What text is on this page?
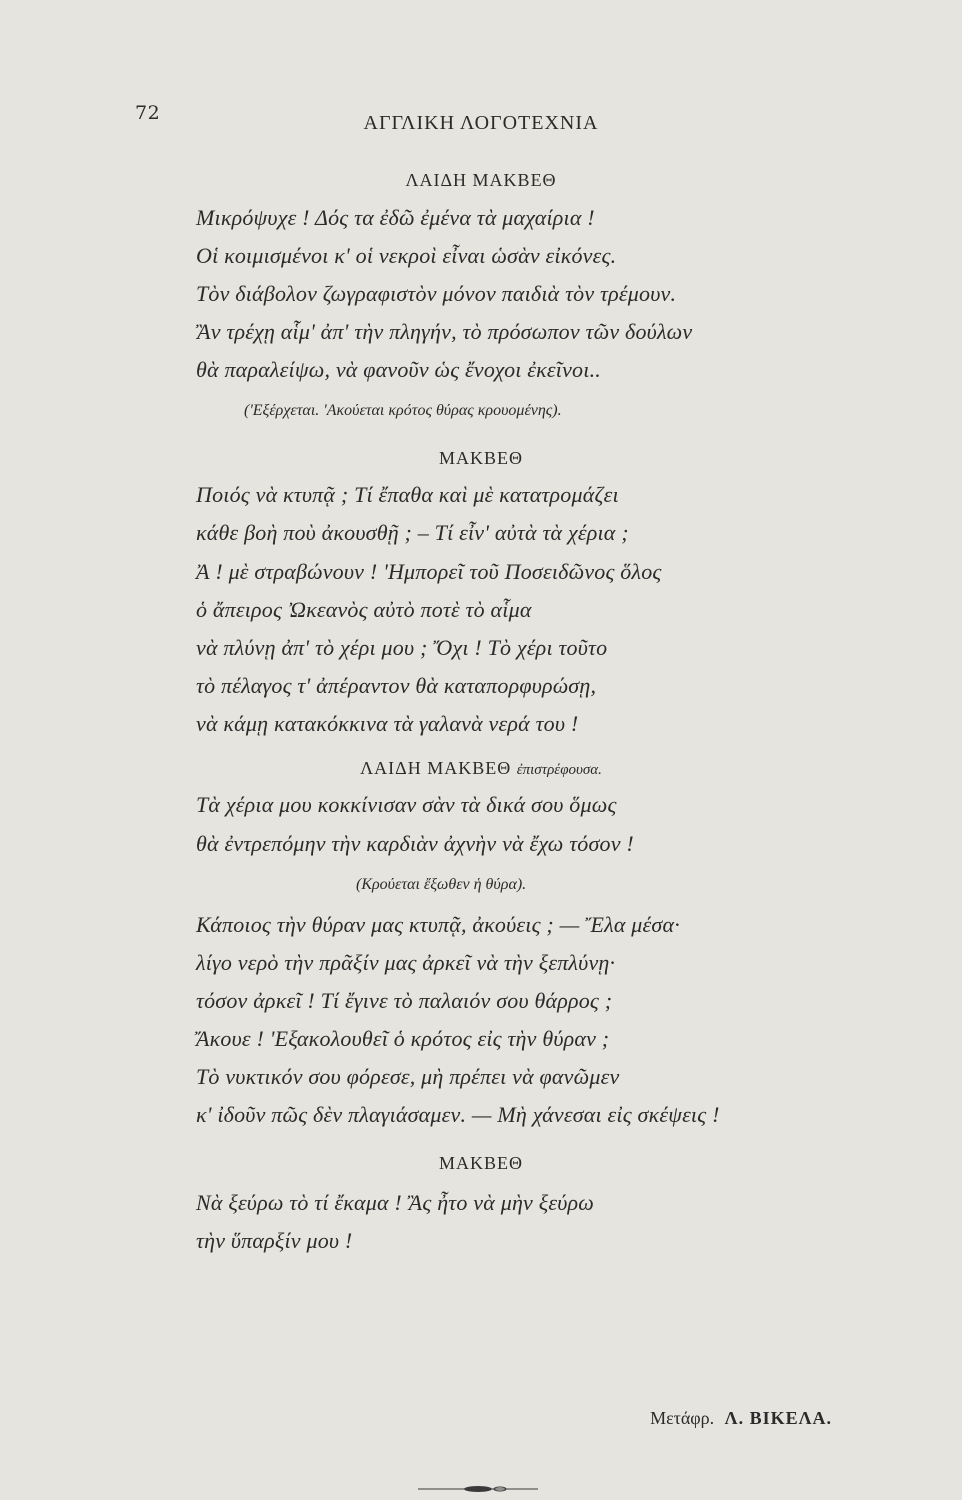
72	ΑΓΓΛΙΚΗ ΛΟΓΟΤΕΧΝΙΑ
ΛΑΙΔΗ ΜΑΚΒΕΘ
Μικρόψυχε ! Δός τα ἐδῶ ἐμένα τὰ μαχαίρια !
Οἱ κοιμισμένοι κ' οἱ νεκροὶ εἶναι ὡσὰν εἰκόνες.
Τὸν διάβολον ζωγραφιστὸν μόνον παιδιὰ τὸν τρέμουν.
Ἂν τρέχῃ αἷμ' ἀπ' τὴν πληγήν, τὸ πρόσωπον τῶν δούλων
θὰ παραλείψω, νὰ φανοῦν ὡς ἔνοχοι ἐκεῖνοι..
('Εξέρχεται. 'Ακούεται κρότος θύρας κρουομένης).
ΜΑΚΒΕΘ
Ποιός νὰ κτυπᾷ ; Τί ἔπαθα καὶ μὲ κατατρομάζει
κάθε βοὴ ποὺ ἀκουσθῇ ; – Τί εἶν' αὐτὰ τὰ χέρια ;
Ἀ ! μὲ στραβώνουν ! 'Ημπορεῖ τοῦ Ποσειδῶνος ὅλος
ὁ ἄπειρος Ὠκεανὸς αὐτὸ ποτὲ τὸ αἷμα
νὰ πλύνῃ ἀπ' τὸ χέρι μου ; Ὄχι ! Τὸ χέρι τοῦτο
τὸ πέλαγος τ' ἀπέραντον θὰ καταπορφυρώσῃ,
νὰ κάμῃ κατακόκκινα τὰ γαλανὰ νερά του !
ΛΑΙΔΗ ΜΑΚΒΕΘ ἐπιστρέφουσα.
Τὰ χέρια μου κοκκίνισαν σὰν τὰ δικά σου ὅμως
θὰ ἐντρεπόμην τὴν καρδιὰν ἀχνὴν νὰ ἔχω τόσον !
(Κρούεται ἔξωθεν ἡ θύρα).
Κάποιος τὴν θύραν μας κτυπᾷ, ἀκούεις ; — Ἔλα μέσα·
λίγο νερὸ τὴν πρᾶξίν μας ἀρκεῖ νὰ τὴν ξεπλύνῃ·
τόσον ἀρκεῖ ! Τί ἔγινε τὸ παλαιόν σου θάρρος ;
Ἄκουε ! 'Εξακολουθεῖ ὁ κρότος εἰς τὴν θύραν ;
Τὸ νυκτικόν σου φόρεσε, μὴ πρέπει νὰ φανῶμεν
κ' ἰδοῦν πῶς δὲν πλαγιάσαμεν. — Μὴ χάνεσαι εἰς σκέψεις !
ΜΑΚΒΕΘ
Νὰ ξεύρω τὸ τί ἔκαμα ! Ἂς ἦτο νὰ μὴν ξεύρω
τὴν ὕπαρξίν μου !
Μετάφρ. Λ. ΒΙΚΕΛΑ.
